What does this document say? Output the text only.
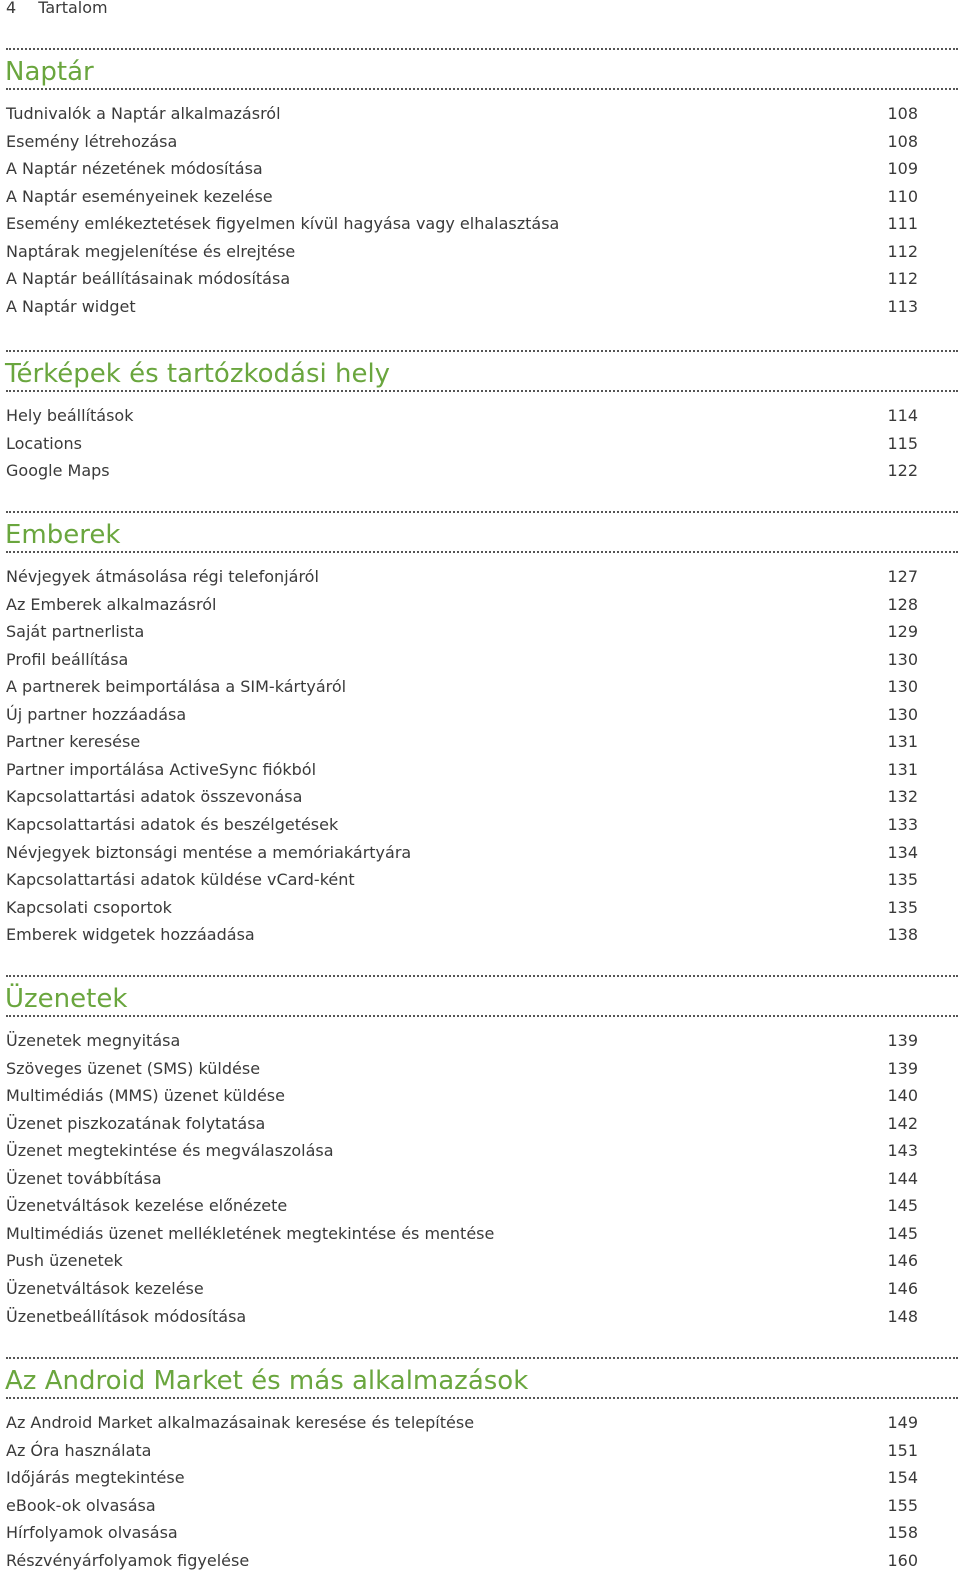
4 Tartalom
Naptár
Tudnivalók a Naptár alkalmazásról	108
Esemény létrehozása	108
A Naptár nézetének módosítása	109
A Naptár eseményeinek kezelése	110
Esemény emlékeztetések figyelmen kívül hagyása vagy elhalasztása	111
Naptárak megjelenítése és elrejtése	112
A Naptár beállításainak módosítása	112
A Naptár widget	113
Térképek és tartózkodási hely
Hely beállítások	114
Locations	115
Google Maps	122
Emberek
Névjegyek átmásolása régi telefonjáról	127
Az Emberek alkalmazásról	128
Saját partnerlista	129
Profil beállítása	130
A partnerek beimportálása a SIM-kártyáról	130
Új partner hozzáadása	130
Partner keresése	131
Partner importálása ActiveSync fiókból	131
Kapcsolattartási adatok összevonása	132
Kapcsolattartási adatok és beszélgetések	133
Névjegyek biztonsági mentése a memóriakártyára	134
Kapcsolattartási adatok küldése vCard-ként	135
Kapcsolati csoportok	135
Emberek widgetek hozzáadása	138
Üzenetek
Üzenetek megnyitása	139
Szöveges üzenet (SMS) küldése	139
Multimédiás (MMS) üzenet küldése	140
Üzenet piszkozatának folytatása	142
Üzenet megtekintése és megválaszolása	143
Üzenet továbbítása	144
Üzenetváltások kezelése előnézete	145
Multimédiás üzenet mellékletének megtekintése és mentése	145
Push üzenetek	146
Üzenetváltások kezelése	146
Üzenetbeállítások módosítása	148
Az Android Market és más alkalmazások
Az Android Market alkalmazásainak keresése és telepítése	149
Az Óra használata	151
Időjárás megtekintése	154
eBook-ok olvasása	155
Hírfolyamok olvasása	158
Részvényárfolyamok figyelése	160
